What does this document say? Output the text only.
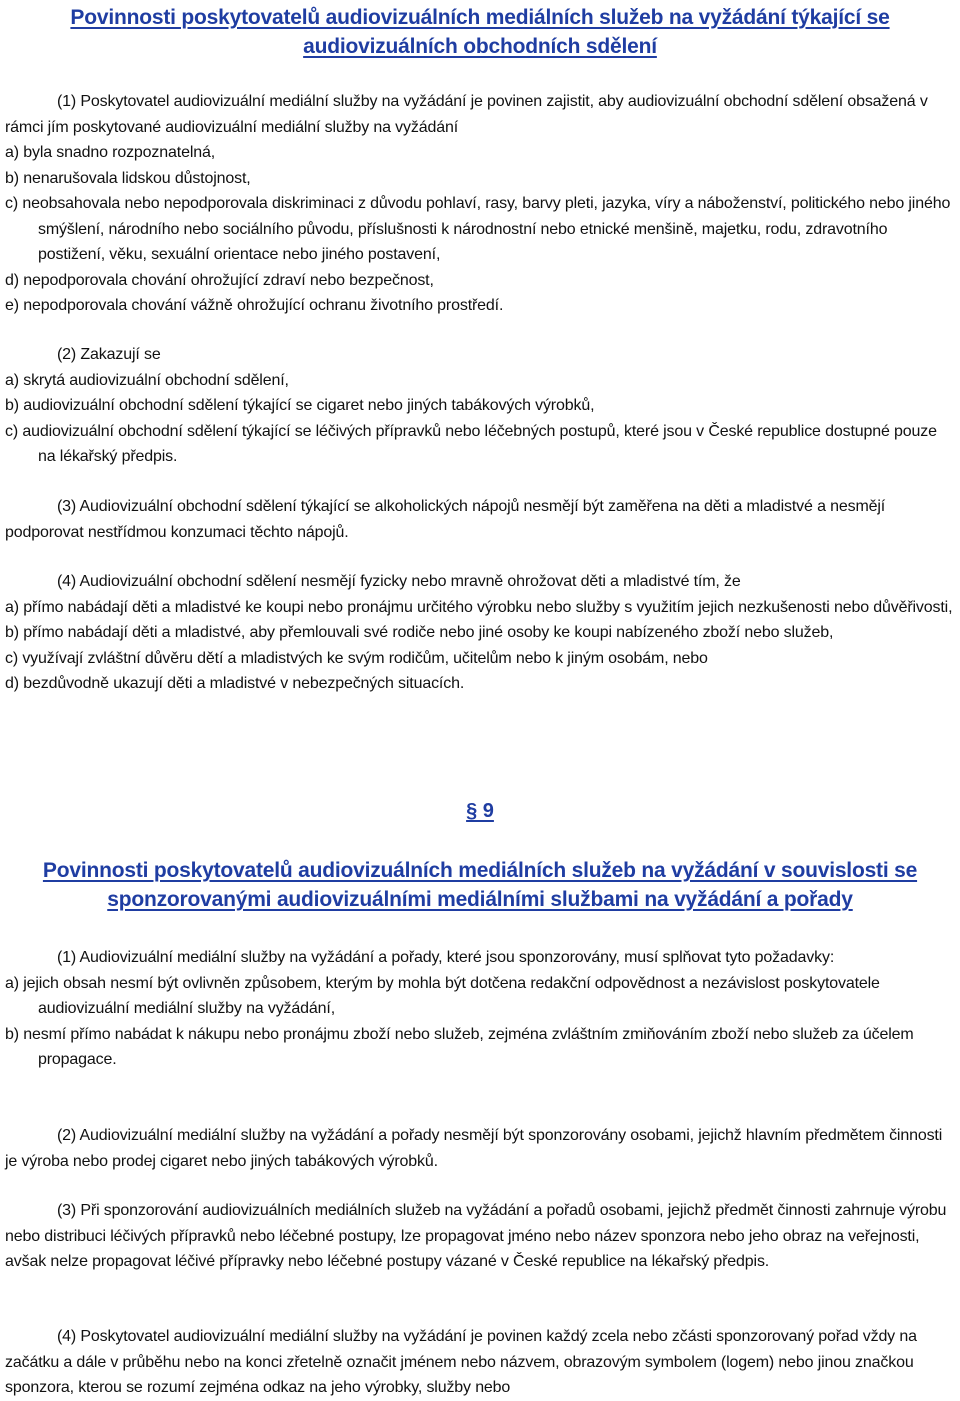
Povinnosti poskytovatelů audiovizuálních mediálních služeb na vyžádání týkající se audiovizuálních obchodních sdělení

(1) Poskytovatel audiovizuální mediální služby na vyžádání je povinen zajistit, aby audiovizuální obchodní sdělení obsažená v rámci jím poskytované audiovizuální mediální služby na vyžádání

a) byla snadno rozpoznatelná,

b) nenarušovala lidskou důstojnost,

c) neobsahovala nebo nepodporovala diskriminaci z důvodu pohlaví, rasy, barvy pleti, jazyka, víry a náboženství, politického nebo jiného smýšlení, národního nebo sociálního původu, příslušnosti k národnostní nebo etnické menšině, majetku, rodu, zdravotního postižení, věku, sexuální orientace nebo jiného postavení,

d) nepodporovala chování ohrožující zdraví nebo bezpečnost,

e) nepodporovala chování vážně ohrožující ochranu životního prostředí.

(2) Zakazují se

a) skrytá audiovizuální obchodní sdělení,

b) audiovizuální obchodní sdělení týkající se cigaret nebo jiných tabákových výrobků,

c) audiovizuální obchodní sdělení týkající se léčivých přípravků nebo léčebných postupů, které jsou v České republice dostupné pouze na lékařský předpis.

(3) Audiovizuální obchodní sdělení týkající se alkoholických nápojů nesmějí být zaměřena na děti a mladistvé a nesmějí podporovat nestřídmou konzumaci těchto nápojů.

(4) Audiovizuální obchodní sdělení nesmějí fyzicky nebo mravně ohrožovat děti a mladistvé tím, že

a) přímo nabádají děti a mladistvé ke koupi nebo pronájmu určitého výrobku nebo služby s využitím jejich nezkušenosti nebo důvěřivosti,

b) přímo nabádají děti a mladistvé, aby přemlouvali své rodiče nebo jiné osoby ke koupi nabízeného zboží nebo služeb,

c) využívají zvláštní důvěru dětí a mladistvých ke svým rodičům, učitelům nebo k jiným osobám, nebo

d) bezdůvodně ukazují děti a mladistvé v nebezpečných situacích.

§ 9
Povinnosti poskytovatelů audiovizuálních mediálních služeb na vyžádání v souvislosti se sponzorovanými audiovizuálními mediálními službami na vyžádání a pořady

(1) Audiovizuální mediální služby na vyžádání a pořady, které jsou sponzorovány, musí splňovat tyto požadavky:

a) jejich obsah nesmí být ovlivněn způsobem, kterým by mohla být dotčena redakční odpovědnost a nezávislost poskytovatele audiovizuální mediální služby na vyžádání,

b) nesmí přímo nabádat k nákupu nebo pronájmu zboží nebo služeb, zejména zvláštním zmiňováním zboží nebo služeb za účelem propagace.

(2) Audiovizuální mediální služby na vyžádání a pořady nesmějí být sponzorovány osobami, jejichž hlavním předmětem činnosti je výroba nebo prodej cigaret nebo jiných tabákových výrobků.

(3) Při sponzorování audiovizuálních mediálních služeb na vyžádání a pořadů osobami, jejichž předmět činnosti zahrnuje výrobu nebo distribuci léčivých přípravků nebo léčebné postupy, lze propagovat jméno nebo název sponzora nebo jeho obraz na veřejnosti, avšak nelze propagovat léčivé přípravky nebo léčebné postupy vázané v České republice na lékařský předpis.

(4) Poskytovatel audiovizuální mediální služby na vyžádání je povinen každý zcela nebo zčásti sponzorovaný pořad vždy na začátku a dále v průběhu nebo na konci zřetelně označit jménem nebo názvem, obrazovým symbolem (logem) nebo jinou značkou sponzora, kterou se rozumí zejména odkaz na jeho výrobky, služby nebo
